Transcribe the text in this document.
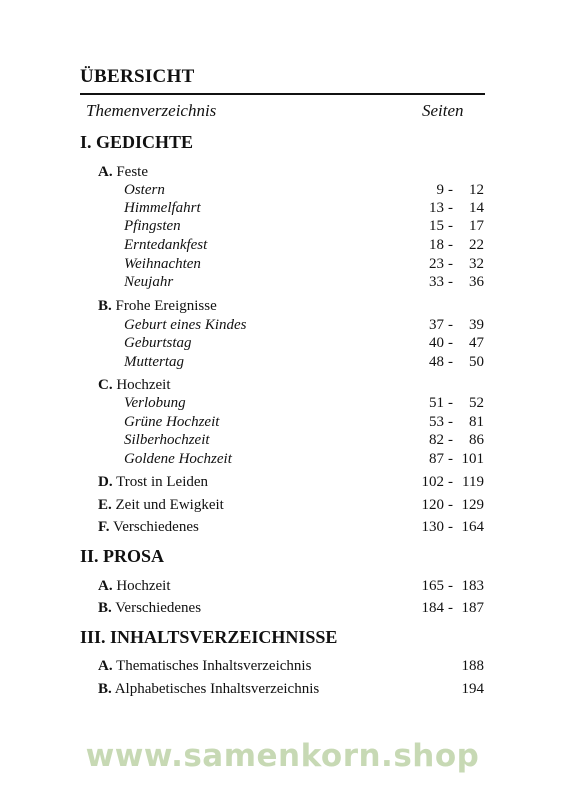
ÜBERSICHT
Themenverzeichnis	Seiten
I. GEDICHTE
A. Feste
Ostern	9 - 12
Himmelfahrt	13 - 14
Pfingsten	15 - 17
Erntedankfest	18 - 22
Weihnachten	23 - 32
Neujahr	33 - 36
B. Frohe Ereignisse
Geburt eines Kindes	37 - 39
Geburtstag	40 - 47
Muttertag	48 - 50
C. Hochzeit
Verlobung	51 - 52
Grüne Hochzeit	53 - 81
Silberhochzeit	82 - 86
Goldene Hochzeit	87 - 101
D. Trost in Leiden	102 - 119
E. Zeit und Ewigkeit	120 - 129
F. Verschiedenes	130 - 164
II. PROSA
A. Hochzeit	165 - 183
B. Verschiedenes	184 - 187
III. INHALTSVERZEICHNISSE
A. Thematisches Inhaltsverzeichnis	188
B. Alphabetisches Inhaltsverzeichnis	194
www.samenkorn.shop
